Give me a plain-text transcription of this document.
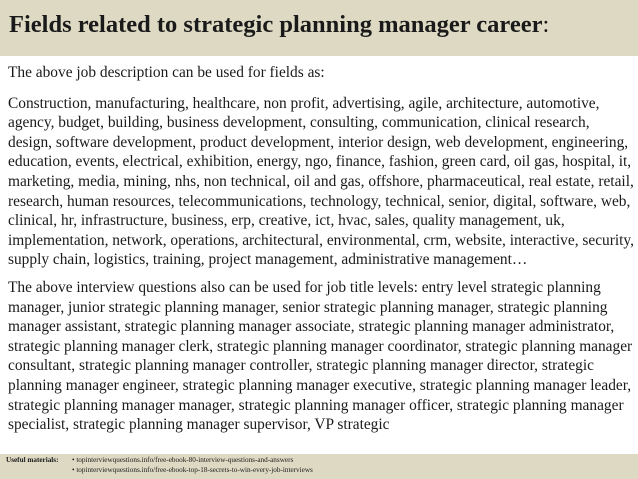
Fields related to strategic planning manager career:

The above job description can be used for fields as:

Construction, manufacturing, healthcare, non profit, advertising, agile, architecture, automotive, agency, budget, building, business development, consulting, communication, clinical research, design, software development, product development, interior design, web development, engineering, education, events, electrical, exhibition, energy, ngo, finance, fashion, green card, oil gas, hospital, it, marketing, media, mining, nhs, non technical, oil and gas, offshore, pharmaceutical, real estate, retail, research, human resources, telecommunications, technology, technical, senior, digital, software, web, clinical, hr, infrastructure, business, erp, creative, ict, hvac, sales, quality management, uk, implementation, network, operations, architectural, environmental, crm, website, interactive, security, supply chain, logistics, training, project management, administrative management…

The above interview questions also can be used for job title levels: entry level strategic planning manager, junior strategic planning manager, senior strategic planning manager, strategic planning manager assistant, strategic planning manager associate, strategic planning manager administrator, strategic planning manager clerk, strategic planning manager coordinator, strategic planning manager consultant, strategic planning manager controller, strategic planning manager director, strategic planning manager engineer, strategic planning manager executive, strategic planning manager leader, strategic planning manager manager, strategic planning manager officer, strategic planning manager specialist, strategic planning manager supervisor, VP strategic

Useful materials: • topinterviewquestions.info/free-ebook-80-interview-questions-and-answers
• topinterviewquestions.info/free-ebook-top-18-secrets-to-win-every-job-interviews
